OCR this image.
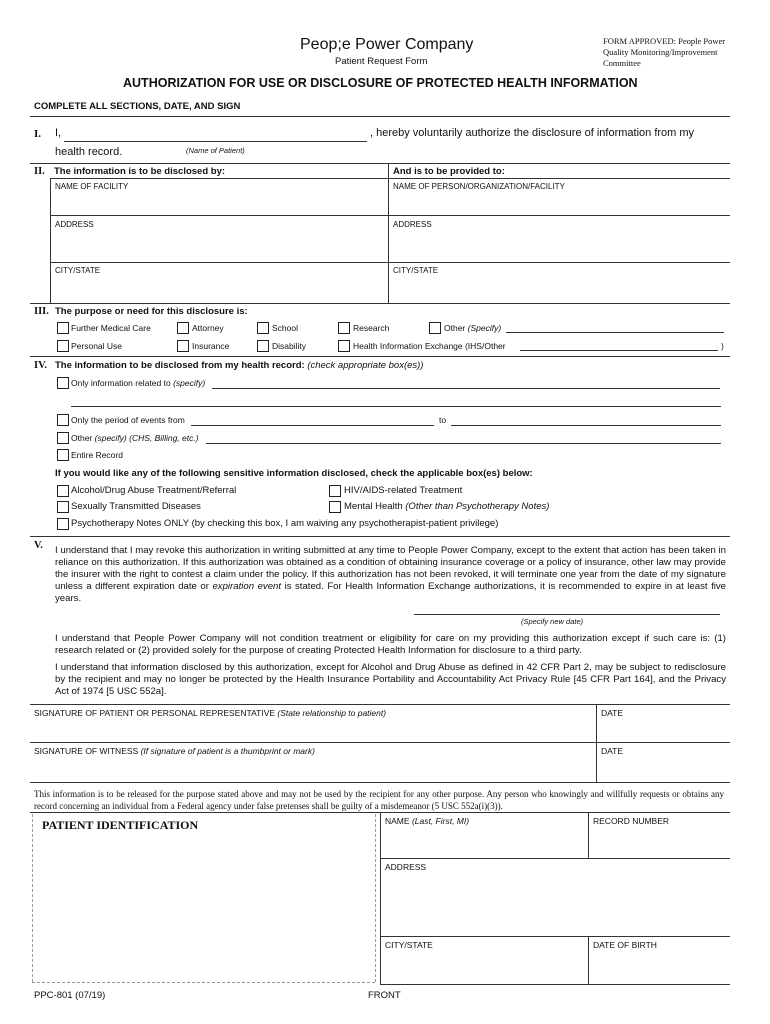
Peop;e Power Company
Patient Request Form
FORM APPROVED: People Power
Quality Monitoring/Improvement
Committee
AUTHORIZATION FOR USE OR DISCLOSURE OF PROTECTED HEALTH INFORMATION
COMPLETE ALL SECTIONS, DATE, AND SIGN
I. I,	, hereby voluntarily authorize the disclosure of information from my
health record.	(Name of Patient)
II. The information is to be disclosed by:	And is to be provided to:
NAME OF FACILITY	NAME OF PERSON/ORGANIZATION/FACILITY
ADDRESS	ADDRESS
CITY/STATE	CITY/STATE
III. The purpose or need for this disclosure is:
Further Medical Care	Attorney	School	Research	Other (Specify)
Personal Use	Insurance	Disability	Health Information Exchange (IHS/Other	)
IV. The information to be disclosed from my health record: (check appropriate box(es))
Only information related to (specify)
Only the period of events from	to
Other (specify) (CHS, Billing, etc.)
Entire Record
If you would like any of the following sensitive information disclosed, check the applicable box(es) below:
Alcohol/Drug Abuse Treatment/Referral	HIV/AIDS-related Treatment
Sexually Transmitted Diseases	Mental Health (Other than Psychotherapy Notes)
Psychotherapy Notes ONLY (by checking this box, I am waiving any psychotherapist-patient privilege)
V. I understand that I may revoke this authorization in writing submitted at any time to People Power Company, except to the extent that action has been taken in reliance on this authorization. If this authorization was obtained as a condition of obtaining insurance coverage or a policy of insurance, other law may provide the insurer with the right to contest a claim under the policy. If this authorization has not been revoked, it will terminate one year from the date of my signature unless a different expiration date or expiration event is stated. For Health Information Exchange authorizations, it is recommended to expire in at least five years.
(Specify new date)
I understand that People Power Company will not condition treatment or eligibility for care on my providing this authorization except if such care is: (1) research related or (2) provided solely for the purpose of creating Protected Health Information for disclosure to a third party.
I understand that information disclosed by this authorization, except for Alcohol and Drug Abuse as defined in 42 CFR Part 2, may be subject to redisclosure by the recipient and may no longer be protected by the Health Insurance Portability and Accountability Act Privacy Rule [45 CFR Part 164], and the Privacy Act of 1974 [5 USC 552a].
SIGNATURE OF PATIENT OR PERSONAL REPRESENTATIVE (State relationship to patient)	DATE
SIGNATURE OF WITNESS (If signature of patient is a thumbprint or mark)	DATE
This information is to be released for the purpose stated above and may not be used by the recipient for any other purpose. Any person who knowingly and willfully requests or obtains any record concerning an individual from a Federal agency under false pretenses shall be guilty of a misdemeanor (5 USC 552a(i)(3)).
PATIENT IDENTIFICATION	NAME (Last, First, MI)	RECORD NUMBER
ADDRESS
CITY/STATE	DATE OF BIRTH
PPC-801 (07/19)	FRONT
